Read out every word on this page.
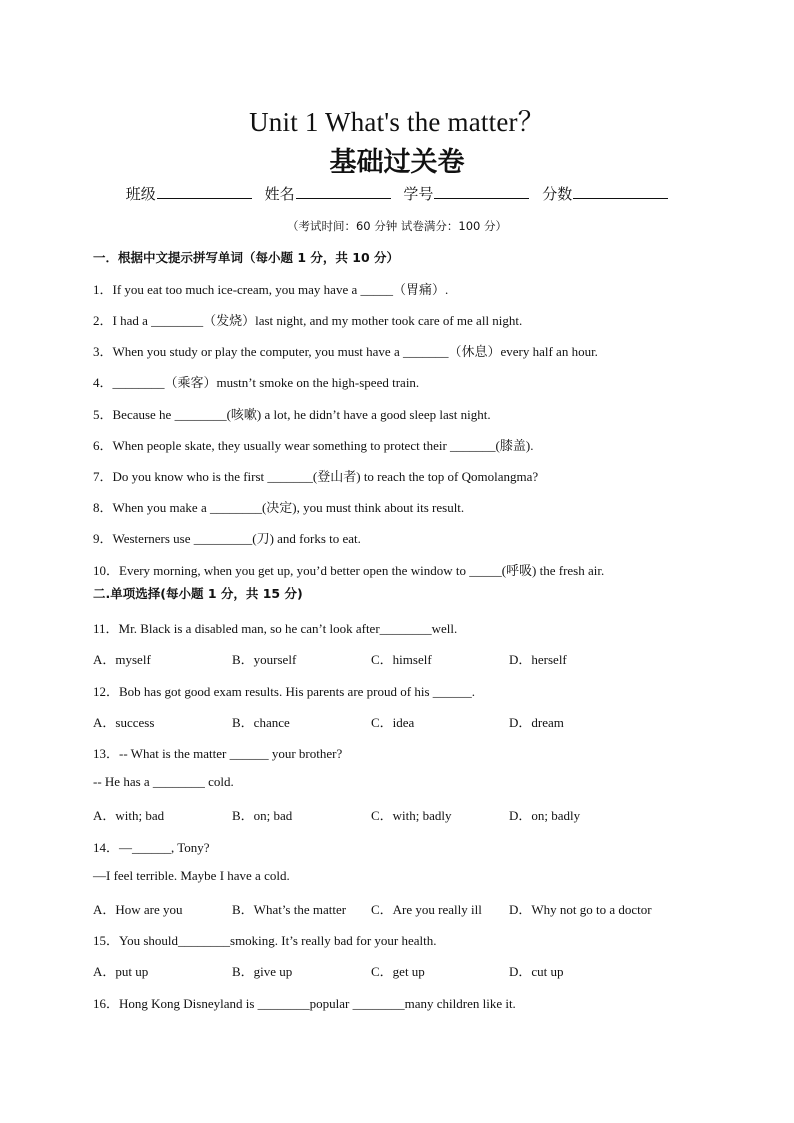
Unit 1 What's the matter？
基础过关卷
班级	姓名	学号	分数
（考试时间：60 分钟 试卷满分：100 分）
一．根据中文提示拼写单词（每小题 1 分，共 10 分）
1．If you eat too much ice-cream, you may have a _____（胃痛）.
2．I had a ________（发烧）last night, and my mother took care of me all night.
3．When you study or play the computer, you must have a _______（休息）every half an hour.
4．________（乘客）mustn’t smoke on the high-speed train.
5．Because he ________(咳嗽) a lot, he didn’t have a good sleep last night.
6．When people skate, they usually wear something to protect their _______(膝盖).
7．Do you know who is the first _______(登山者) to reach the top of Qomolangma?
8．When you make a ________(决定), you must think about its result.
9．Westerners use _________(刀) and forks to eat.
10．Every morning, when you get up, you’d better open the window to _____(呼吸) the fresh air.
二.单项选择(每小题 1 分，共 15 分)
11．Mr. Black is a disabled man, so he can’t look after________well.
A．myself	B．yourself	C．himself	D．herself
12．Bob has got good exam results. His parents are proud of his ______.
A．success	B．chance	C．idea	D．dream
13．-- What is the matter ______ your brother?
-- He has a ________ cold.
A．with; bad	B．on; bad	C．with; badly	D．on; badly
14．—______, Tony?
—I feel terrible. Maybe I have a cold.
A．How are you	B．What’s the matter C．Are you really ill D．Why not go to a doctor
15．You should________smoking. It’s really bad for your health.
A．put up	B．give up	C．get up	D．cut up
16．Hong Kong Disneyland is ________popular ________many children like it.
